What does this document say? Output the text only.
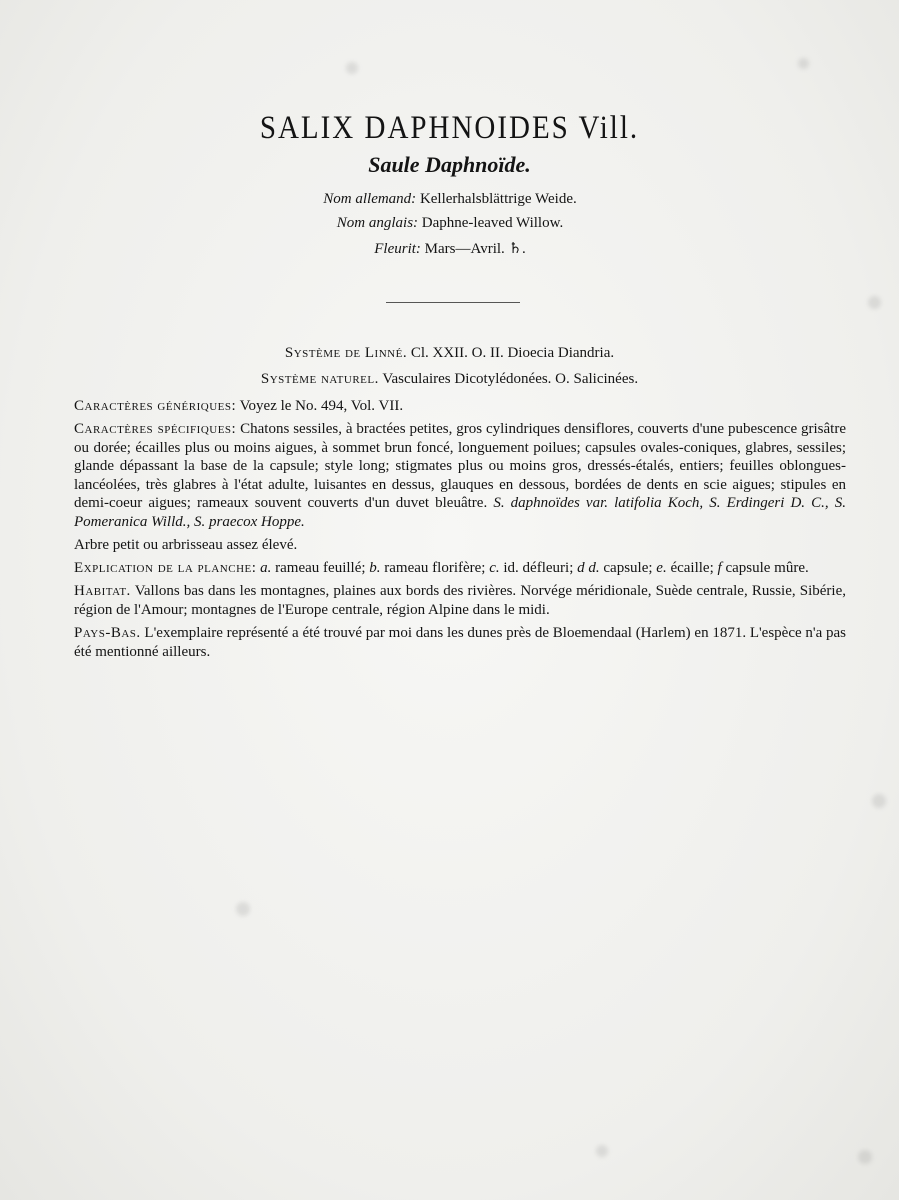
SALIX DAPHNOIDES Vill.
Saule Daphnoïde.
Nom allemand: Kellerhalsblättrige Weide.
Nom anglais: Daphne-leaved Willow.
Fleurit: Mars—Avril. ♄.
Système de Linné. Cl. XXII. O. II. Dioecia Diandria.
Système naturel. Vasculaires Dicotylédonées. O. Salicinées.

Caractères génériques: Voyez le No. 494, Vol. VII.

Caractères spécifiques: Chatons sessiles, à bractées petites, gros cylindriques densiflores, couverts d'une pubescence grisâtre ou dorée; écailles plus ou moins aigues, à sommet brun foncé, longuement poilues; capsules ovales-coniques, glabres, sessiles; glande dépassant la base de la capsule; style long; stigmates plus ou moins gros, dressés-étalés, entiers; feuilles oblongues-lancéolées, très glabres à l'état adulte, luisantes en dessus, glauques en dessous, bordées de dents en scie aigues; stipules en demi-coeur aigues; rameaux souvent couverts d'un duvet bleuâtre. S. daphnoïdes var. latifolia Koch, S. Erdingeri D. C., S. Pomeranica Willd., S. praecox Hoppe.

Arbre petit ou arbrisseau assez élevé.

Explication de la planche: a. rameau feuillé; b. rameau florifère; c. id. défleuri; d d. capsule; e. écaille; f capsule mûre.

Habitat. Vallons bas dans les montagnes, plaines aux bords des rivières. Norvége méridionale, Suède centrale, Russie, Sibérie, région de l'Amour; montagnes de l'Europe centrale, région Alpine dans le midi.

Pays-Bas. L'exemplaire représenté a été trouvé par moi dans les dunes près de Bloemendaal (Harlem) en 1871. L'espèce n'a pas été mentionné ailleurs.
